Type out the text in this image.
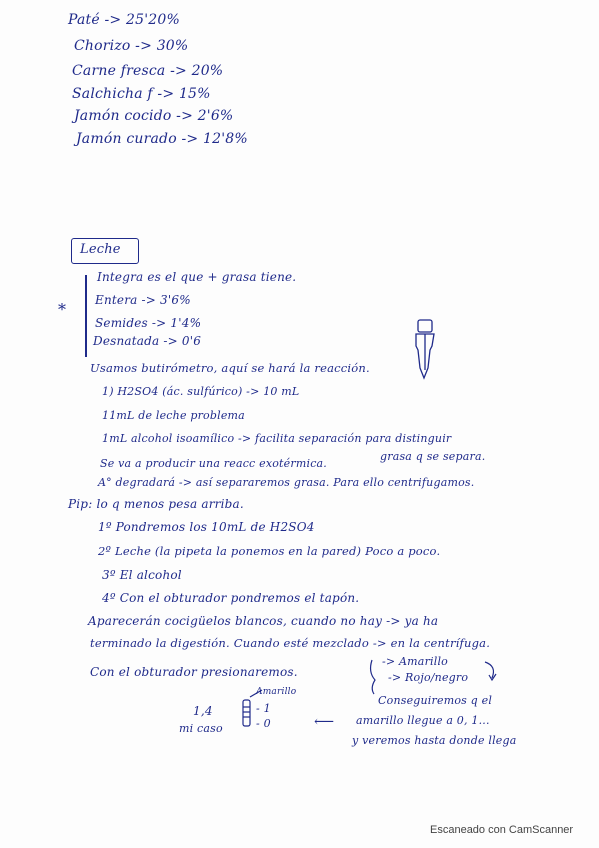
Paté -> 25'20%
Chorizo -> 30%
Carne fresca -> 20%
Salchicha f -> 15%
Jamón cocido -> 2'6%
Jamón curado -> 12'8%
Leche
Integra es el que + grasa tiene.
* Entera -> 3'6%
Semides -> 1'4%
Desnatada -> 0'6
Usamos butirómetro, aquí se hará la reacción.
1) H2SO4 (ác. sulfúrico) -> 10 mL
11mL de leche problema
1mL alcohol isoamílico -> facilita separación para distinguir
grasa q se separa.
Se va a producir una reacc exotérmica.
A° degradará -> así separaremos grasa. Para ello centrifugamos.
Pip: lo q menos pesa arriba.
1º Pondremos los 10mL de H2SO4
2º Leche (la pipeta la ponemos en la pared) Poco a poco.
3º El alcohol
4º Con el obturador pondremos el tapón.
Aparecerán cocigüelos blancos, cuando no hay -> ya ha
terminado la digestión. Cuando esté mezclado -> en la centrífuga.
Con el obturador presionaremos.
-> Amarillo
-> Rojo/negro
Amarillo
1,4
mi caso
- 1
- 0	⟵
Conseguiremos q el
amarillo llegue a 0, 1...
y veremos hasta donde llega
Escaneado con CamScanner
